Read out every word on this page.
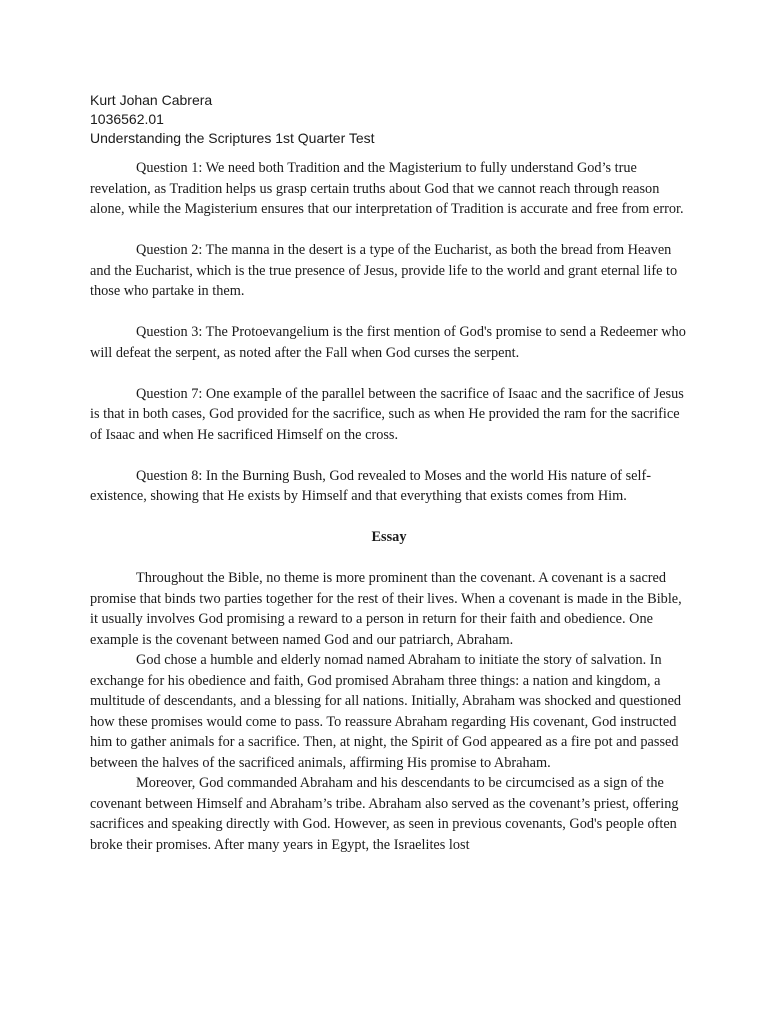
Kurt Johan Cabrera

1036562.01

Understanding the Scriptures 1st Quarter Test

Question 1: We need both Tradition and the Magisterium to fully understand God’s true revelation, as Tradition helps us grasp certain truths about God that we cannot reach through reason alone, while the Magisterium ensures that our interpretation of Tradition is accurate and free from error.

Question 2: The manna in the desert is a type of the Eucharist, as both the bread from Heaven and the Eucharist, which is the true presence of Jesus, provide life to the world and grant eternal life to those who partake in them.

Question 3: The Protoevangelium is the first mention of God's promise to send a Redeemer who will defeat the serpent, as noted after the Fall when God curses the serpent.

Question 7: One example of the parallel between the sacrifice of Isaac and the sacrifice of Jesus is that in both cases, God provided for the sacrifice, such as when He provided the ram for the sacrifice of Isaac and when He sacrificed Himself on the cross.

Question 8: In the Burning Bush, God revealed to Moses and the world His nature of self-existence, showing that He exists by Himself and that everything that exists comes from Him.

Essay

Throughout the Bible, no theme is more prominent than the covenant. A covenant is a sacred promise that binds two parties together for the rest of their lives. When a covenant is made in the Bible, it usually involves God promising a reward to a person in return for their faith and obedience. One example is the covenant between named God and our patriarch, Abraham.

God chose a humble and elderly nomad named Abraham to initiate the story of salvation. In exchange for his obedience and faith, God promised Abraham three things: a nation and kingdom, a multitude of descendants, and a blessing for all nations. Initially, Abraham was shocked and questioned how these promises would come to pass. To reassure Abraham regarding His covenant, God instructed him to gather animals for a sacrifice. Then, at night, the Spirit of God appeared as a fire pot and passed between the halves of the sacrificed animals, affirming His promise to Abraham.

Moreover, God commanded Abraham and his descendants to be circumcised as a sign of the covenant between Himself and Abraham’s tribe. Abraham also served as the covenant’s priest, offering sacrifices and speaking directly with God. However, as seen in previous covenants, God's people often broke their promises. After many years in Egypt, the Israelites lost
